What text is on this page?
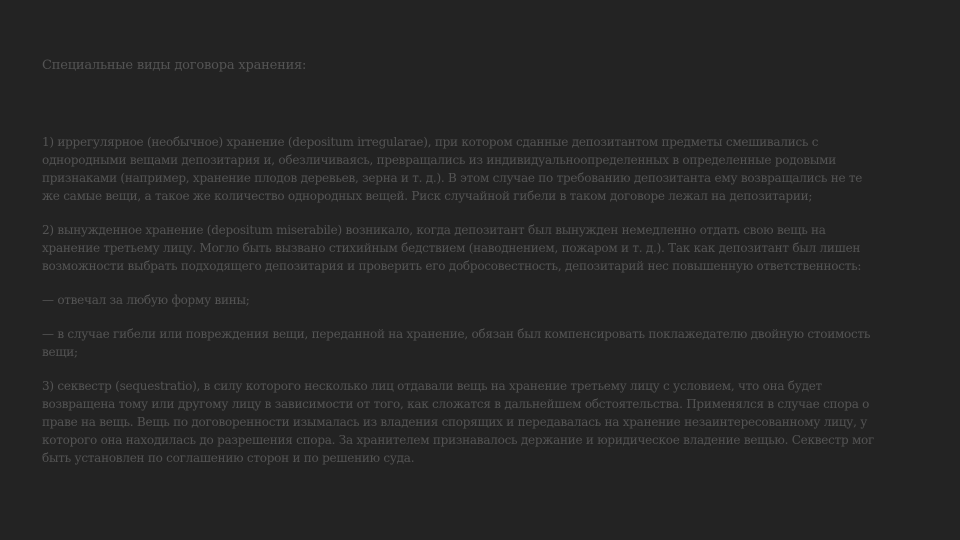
Специальные виды договора хранения:

1) иррегулярное (необычное) хранение (depositum irregularae), при котором сданные депозитантом предметы смешивались с
однородными вещами депозитария и, обезличиваясь, превращались из индивидуальноопределенных в определенные родовыми
признаками (например, хранение плодов деревьев, зерна и т. д.). В этом случае по требованию депозитанта ему возвращались не те
же самые вещи, а такое же количество однородных вещей. Риск случайной гибели в таком договоре лежал на депозитарии;

2) вынужденное хранение (depositum miserabile) возникало, когда депозитант был вынужден немедленно отдать свою вещь на
хранение третьему лицу. Могло быть вызвано стихийным бедствием (наводнением, пожаром и т. д.). Так как депозитант был лишен
возможности выбрать подходящего депозитария и проверить его добросовестность, депозитарий нес повышенную ответственность:

— отвечал за любую форму вины;

— в случае гибели или повреждения вещи, переданной на хранение, обязан был компенсировать поклажедателю двойную стоимость
вещи;

3) секвестр (sequestratio), в силу которого несколько лиц отдавали вещь на хранение третьему лицу с условием, что она будет
возвращена тому или другому лицу в зависимости от того, как сложатся в дальнейшем обстоятельства. Применялся в случае спора о
праве на вещь. Вещь по договоренности изымалась из владения спорящих и передавалась на хранение незаинтересованному лицу, у
которого она находилась до разрешения спора. За хранителем признавалось держание и юридическое владение вещью. Секвестр мог
быть установлен по соглашению сторон и по решению суда.
